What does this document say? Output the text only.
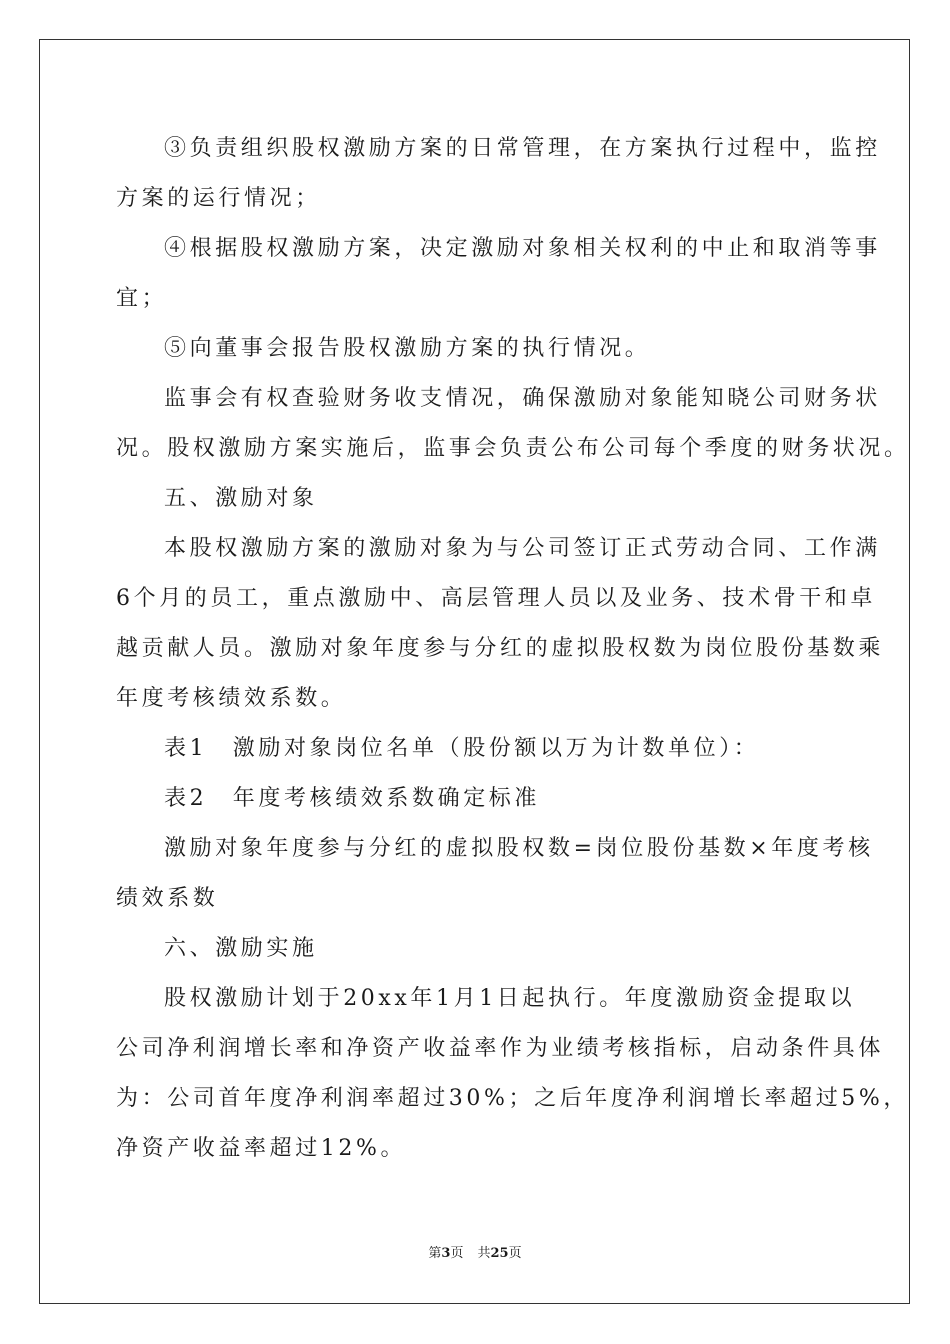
③负责组织股权激励方案的日常管理，在方案执行过程中，监控
方案的运行情况；
④根据股权激励方案，决定激励对象相关权利的中止和取消等事
宜；
⑤向董事会报告股权激励方案的执行情况。
监事会有权查验财务收支情况，确保激励对象能知晓公司财务状
况。股权激励方案实施后，监事会负责公布公司每个季度的财务状况。
五、激励对象
本股权激励方案的激励对象为与公司签订正式劳动合同、工作满
6个月的员工，重点激励中、高层管理人员以及业务、技术骨干和卓
越贡献人员。激励对象年度参与分红的虚拟股权数为岗位股份基数乘
年度考核绩效系数。
表1　激励对象岗位名单（股份额以万为计数单位）：
表2　年度考核绩效系数确定标准
激励对象年度参与分红的虚拟股权数=岗位股份基数×年度考核
绩效系数
六、激励实施
股权激励计划于20xx年1月1日起执行。年度激励资金提取以
公司净利润增长率和净资产收益率作为业绩考核指标，启动条件具体
为：公司首年度净利润率超过30%；之后年度净利润增长率超过5%，
净资产收益率超过12%。
第3页 共25页
